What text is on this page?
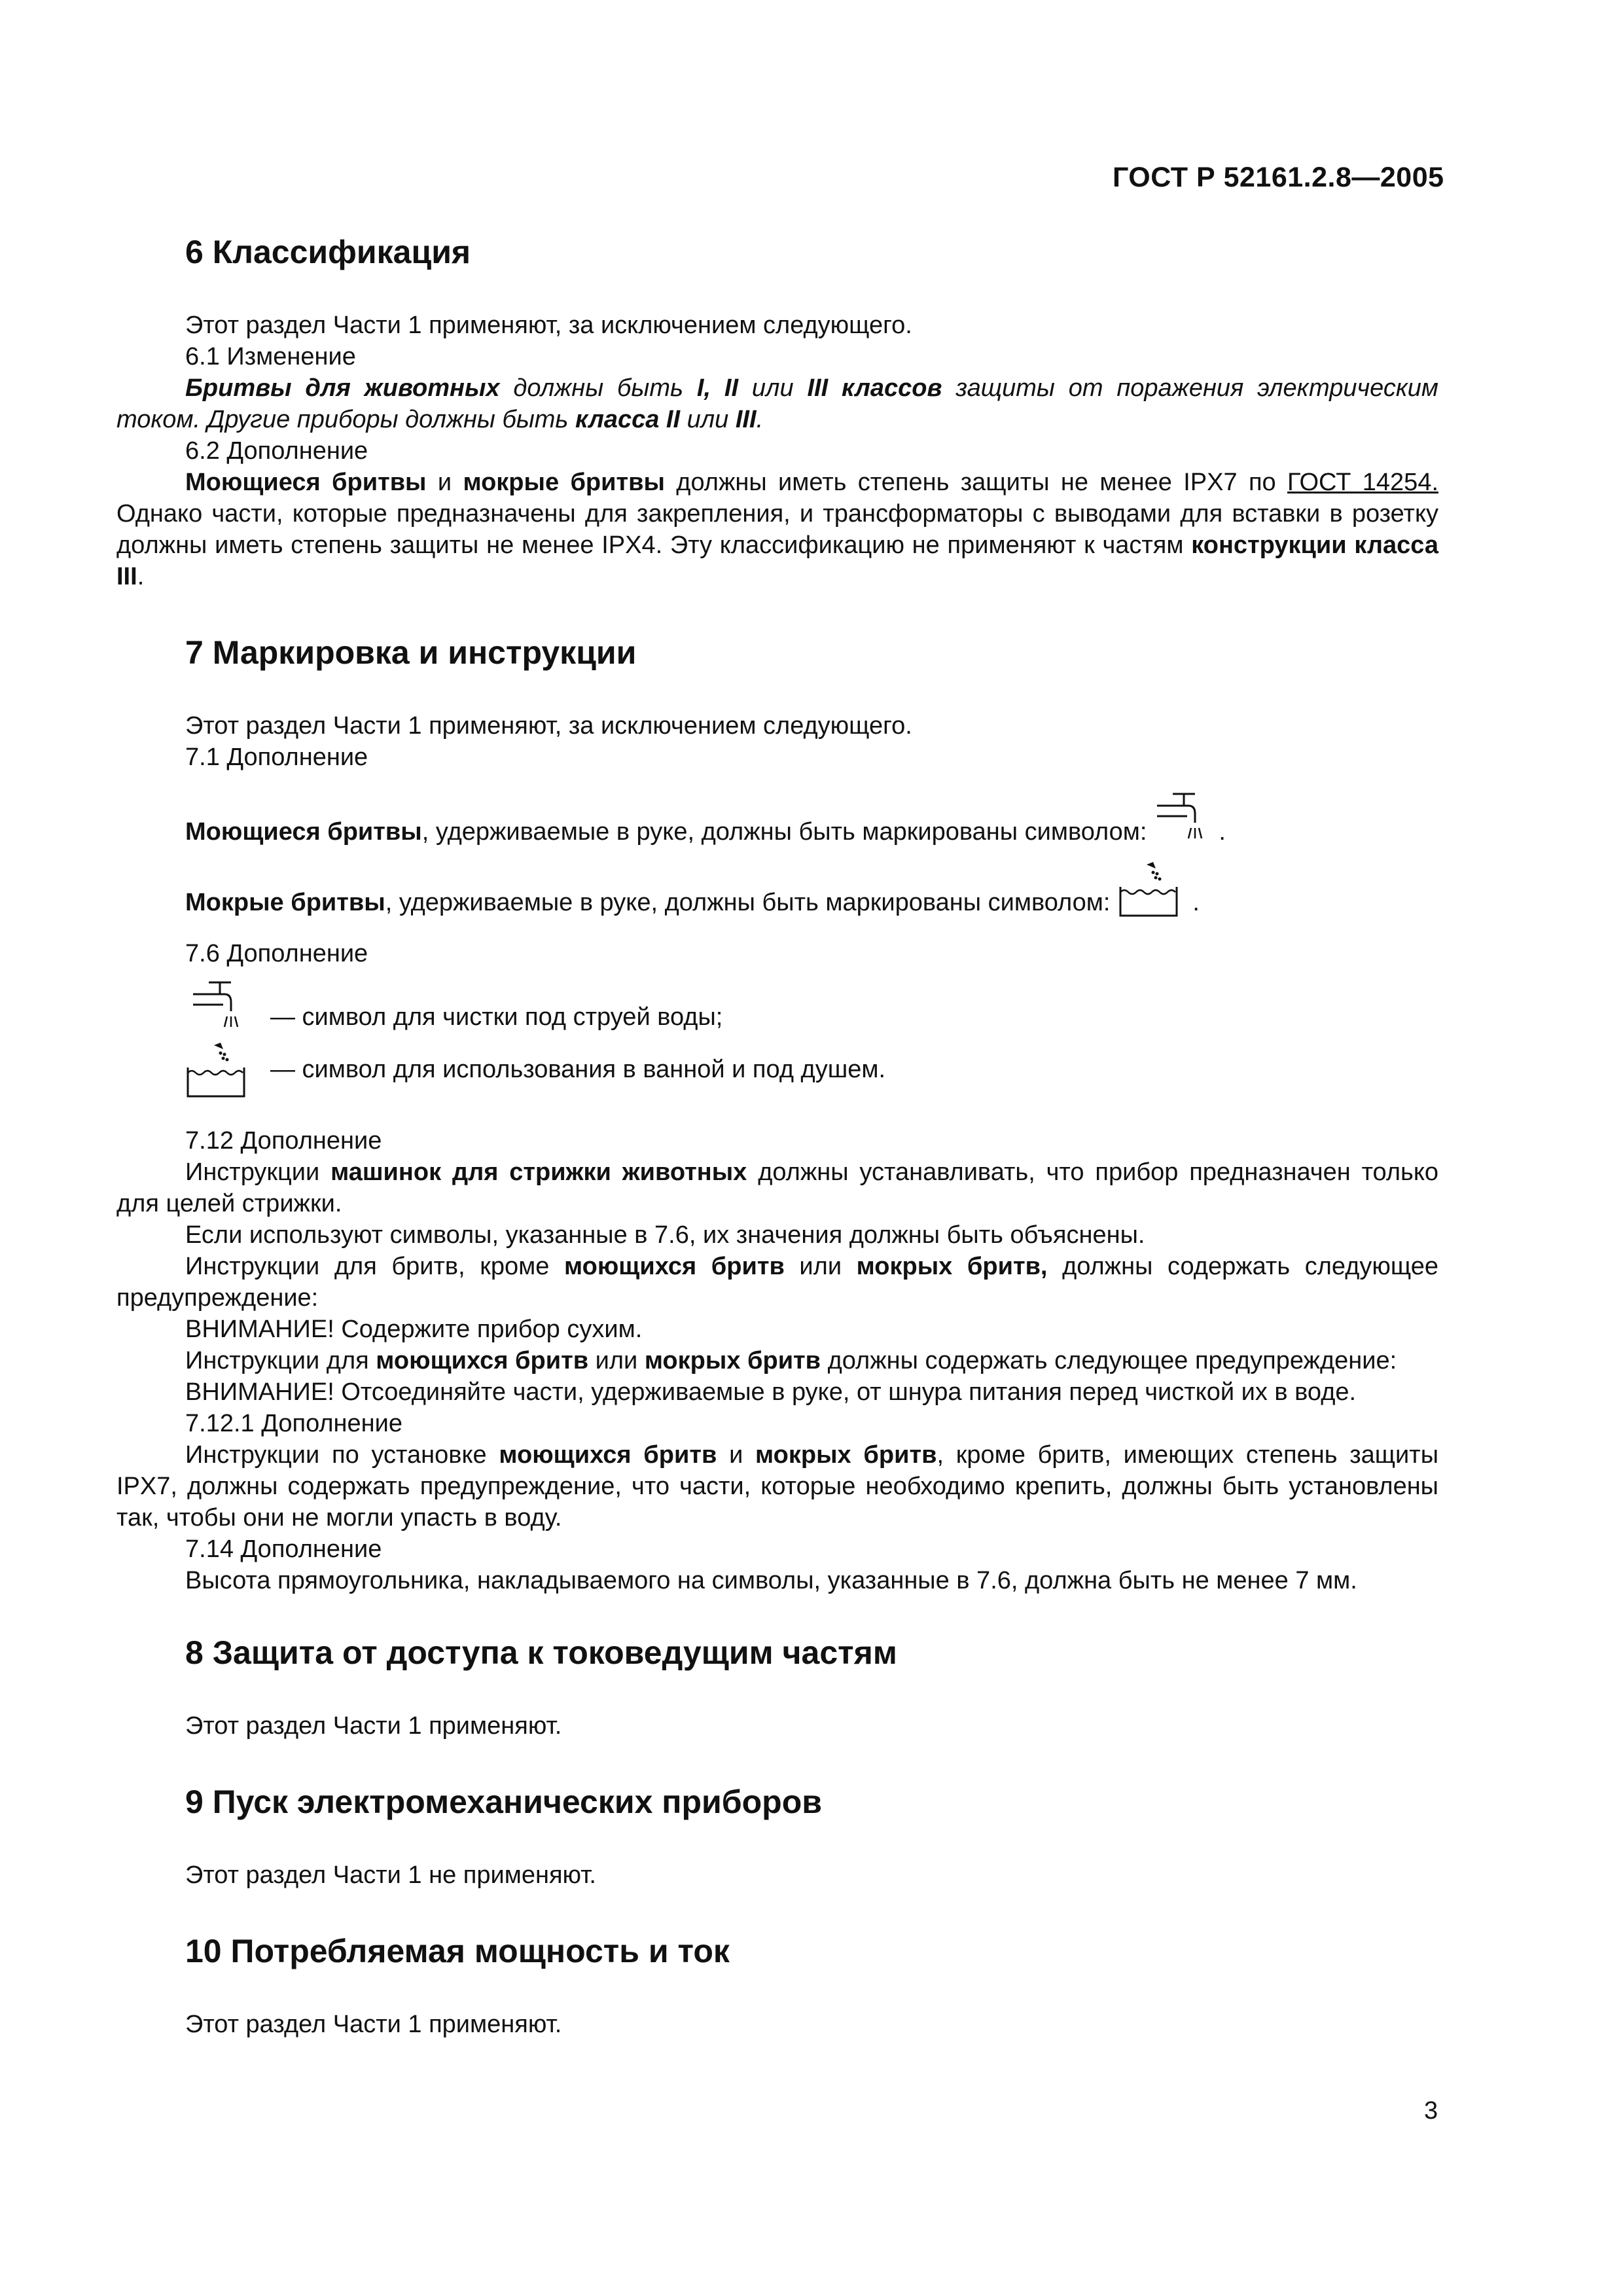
ГОСТ Р 52161.2.8—2005
6 Классификация

Этот раздел Части 1 применяют, за исключением следующего.

6.1 Изменение

Бритвы для животных должны быть I, II или III классов защиты от поражения электрическим током. Другие приборы должны быть класса II или III.

6.2 Дополнение

Моющиеся бритвы и мокрые бритвы должны иметь степень защиты не менее IPX7 по ГОСТ 14254. Однако части, которые предназначены для закрепления, и трансформаторы с выводами для вставки в розетку должны иметь степень защиты не менее IPX4. Эту классификацию не применяют к частям конструкции класса III.

7 Маркировка и инструкции

Этот раздел Части 1 применяют, за исключением следующего.

7.1 Дополнение

Моющиеся бритвы , удерживаемые в руке, должны быть маркированы символом:	.
Мокрые бритвы , удерживаемые в руке, должны быть маркированы символом:	.

7.6 Дополнение

— символ для чистки под струей воды;
— символ для использования в ванной и под душем.

7.12 Дополнение

Инструкции машинок для стрижки животных должны устанавливать, что прибор предназначен только для целей стрижки.

Если используют символы, указанные в 7.6, их значения должны быть объяснены.

Инструкции для бритв, кроме моющихся бритв или мокрых бритв, должны содержать следующее предупреждение:

ВНИМАНИЕ! Содержите прибор сухим.

Инструкции для моющихся бритв или мокрых бритв должны содержать следующее предупреждение:

ВНИМАНИЕ! Отсоединяйте части, удерживаемые в руке, от шнура питания перед чисткой их в воде.

7.12.1 Дополнение

Инструкции по установке моющихся бритв и мокрых бритв, кроме бритв, имеющих степень защиты IPX7, должны содержать предупреждение, что части, которые необходимо крепить, должны быть установлены так, чтобы они не могли упасть в воду.

7.14 Дополнение

Высота прямоугольника, накладываемого на символы, указанные в 7.6, должна быть не менее 7 мм.

8 Защита от доступа к токоведущим частям

Этот раздел Части 1 применяют.

9 Пуск электромеханических приборов

Этот раздел Части 1 не применяют.

10 Потребляемая мощность и ток

Этот раздел Части 1 применяют.

3
